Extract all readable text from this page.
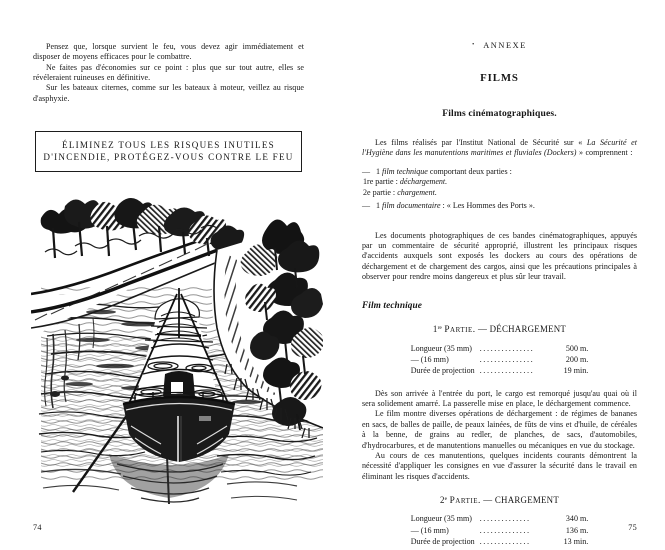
Pensez que, lorsque survient le feu, vous devez agir immédiatement et disposer de moyens efficaces pour le combattre.

Ne faites pas d'économies sur ce point : plus que sur tout autre, elles se révéleraient ruineuses en définitive.

Sur les bateaux citernes, comme sur les bateaux à moteur, veillez au risque d'asphyxie.

ÉLIMINEZ TOUS LES RISQUES INUTILES
D'INCENDIE, PROTÉGEZ-VOUS CONTRE LE FEU
74
• ANNEXE
FILMS
Films cinématographiques.

Les films réalisés par l'Institut National de Sécurité sur « La Sécurité et l'Hygiène dans les manutentions maritimes et fluviales (Dockers) » comprennent :

— 1 film technique comportant deux parties :
1re partie : déchargement.
2e partie : chargement.
— 1 film documentaire : « Les Hommes des Ports ».

Les documents photographiques de ces bandes cinématographiques, appuyés par un commentaire de sécurité approprié, illustrent les principaux risques d'accidents auxquels sont exposés les dockers au cours des opérations de déchargement et de chargement des cargos, ainsi que les précautions principales à observer pour rendre moins dangereux et plus sûr leur travail.

Film technique
1re Partie. — DÉCHARGEMENT
Longueur (35 mm)	...............	500 m.
— (16 mm)	...............	200 m.
Durée de projection	...............	19 min.

Dès son arrivée à l'entrée du port, le cargo est remorqué jusqu'au quai où il sera solidement amarré. La passerelle mise en place, le déchargement commence.

Le film montre diverses opérations de déchargement : de régimes de bananes en sacs, de balles de paille, de peaux lainées, de fûts de vins et d'huile, de céréales à la benne, de grains au redler, de planches, de sacs, d'automobiles, d'hydrocarbures, et de manutentions manuelles ou mécaniques en vue du stockage.

Au cours de ces manutentions, quelques incidents courants démontrent la nécessité d'appliquer les consignes en vue d'assurer la sécurité dans le travail en éliminant les risques d'accidents.

2e Partie. — CHARGEMENT
Longueur (35 mm)	..............	340 m.
— (16 mm)	..............	136 m.
Durée de projection	..............	13 min.
75
